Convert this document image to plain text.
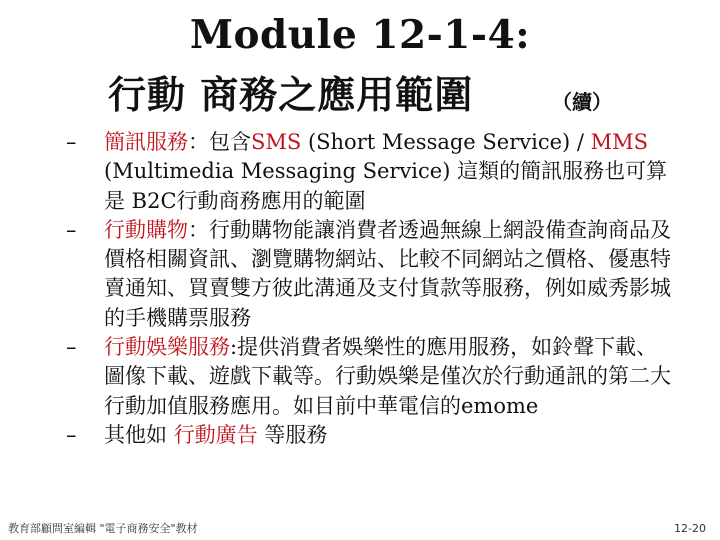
Module 12-1-4:
行動 商務之應用範圍	（續）
– 簡訊服務：包含SMS (Short Message Service) / MMS (Multimedia Messaging Service) 這類的簡訊服務也可算是 B2C行動商務應用的範圍
– 行動購物：行動購物能讓消費者透過無線上網設備查詢商品及價格相關資訊、瀏覽購物網站、比較不同網站之價格、優惠特賣通知、買賣雙方彼此溝通及支付貨款等服務，例如威秀影城的手機購票服務
– 行動娛樂服務:提供消費者娛樂性的應用服務，如鈴聲下載、圖像下載、遊戲下載等。行動娛樂是僅次於行動通訊的第二大行動加值服務應用。如目前中華電信的emome
– 其他如 行動廣告 等服務
教育部顧問室編輯 "電子商務安全"教材	12-20
